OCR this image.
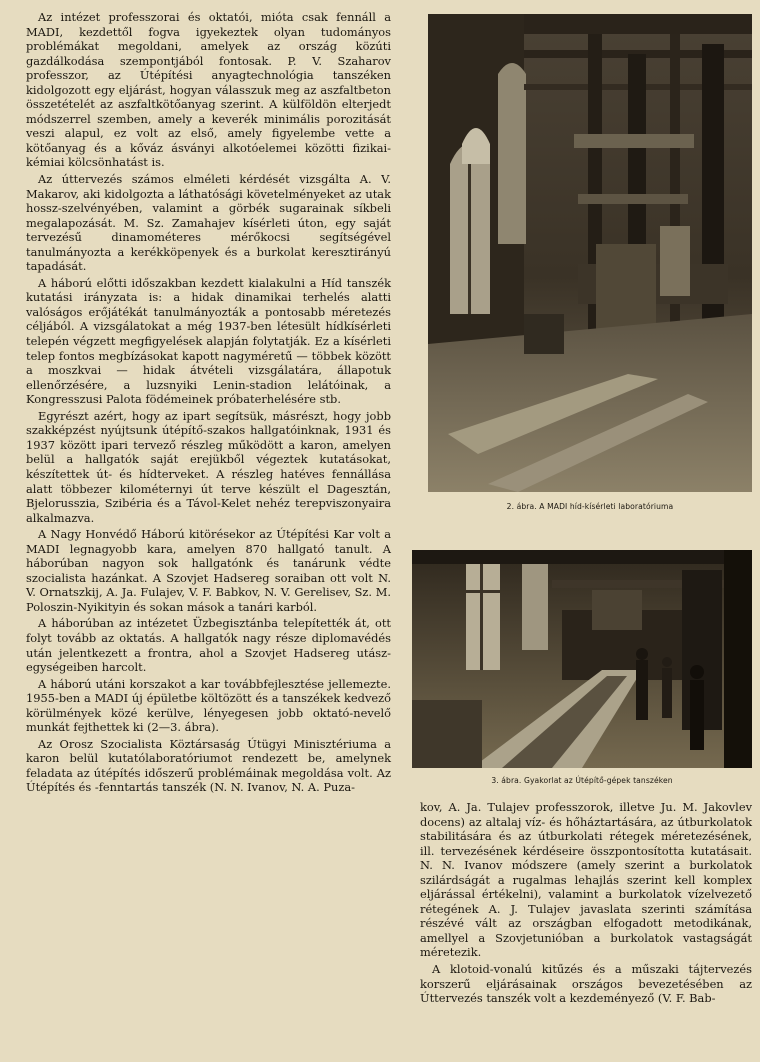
Az intézet professzorai és oktatói, mióta csak fennáll a MADI, kezdettől fogva igyekeztek olyan tudományos problémákat megoldani, amelyek az ország közúti gazdálkodása szempontjából fontosak. P. V. Szaharov professzor, az Útépítési anyagtechnológia tanszéken kidolgozott egy eljárást, hogyan válasszuk meg az aszfaltbeton összetételét az aszfaltkötőanyag szerint. A külföldön elterjedt módszerrel szemben, amely a keverék minimális porozitását veszi alapul, ez volt az első, amely figyelembe vette a kötőanyag és a kőváz ásványi alkotóelemei közötti fizikai-kémiai kölcsönhatást is.

Az úttervezés számos elméleti kérdését vizsgálta A. V. Makarov, aki kidolgozta a láthatósági követelményeket az utak hossz-szelvényében, valamint a görbék sugarainak síkbeli megalapozását. M. Sz. Zamahajev kísérleti úton, egy saját tervezésű dinamométeres mérőkocsi segítségével tanulmányozta a kerékköpenyek és a burkolat keresztirányú tapadását.

A háború előtti időszakban kezdett kialakulni a Híd tanszék kutatási irányzata is: a hidak dinamikai terhelés alatti valóságos erőjátékát tanulmányozták a pontosabb méretezés céljából. A vizsgálatokat a még 1937-ben létesült hídkísérleti telepén végzett megfigyelések alapján folytatják. Ez a kísérleti telep fontos megbízásokat kapott nagyméretű — többek között a moszkvai — hidak átvételi vizsgálatára, állapotuk ellenőrzésére, a luzsnyiki Lenin-stadion lelátóinak, a Kongresszusi Palota födémeinek próbaterhelésére stb.

Egyrészt azért, hogy az ipart segítsük, másrészt, hogy jobb szakképzést nyújtsunk útépítő-szakos hallgatóinknak, 1931 és 1937 között ipari tervező részleg működött a karon, amelyen belül a hallgatók saját erejükből végeztek kutatásokat, készítettek út- és hídterveket. A részleg hatéves fennállása alatt többezer kilométernyi út terve készült el Dagesztán, Bjelorusszia, Szibéria és a Távol-Kelet nehéz terepviszonyaira alkalmazva.

A Nagy Honvédő Háború kitörésekor az Útépítési Kar volt a MADI legnagyobb kara, amelyen 870 hallgató tanult. A háborúban nagyon sok hallgatónk és tanárunk védte szocialista hazánkat. A Szovjet Hadsereg soraiban ott volt N. V. Ornatszkij, A. Ja. Fulajev, V. F. Babkov, N. V. Gerelisev, Sz. M. Poloszin-Nyikityin és sokan mások a tanári karból.

A háborúban az intézetet Üzbegisztánba telepítették át, ott folyt tovább az oktatás. A hallgatók nagy része diplomavédés után jelentkezett a frontra, ahol a Szovjet Hadsereg utász-egységeiben harcolt.

A háború utáni korszakot a kar továbbfejlesztése jellemezte. 1955-ben a MADI új épületbe költözött és a tanszékek kedvező körülmények közé kerülve, lényegesen jobb oktató-nevelő munkát fejthettek ki (2—3. ábra).

Az Orosz Szocialista Köztársaság Útügyi Minisztériuma a karon belül kutatólaboratóriumot rendezett be, amelynek feladata az útépítés időszerű problémáinak megoldása volt. Az Útépítés és -fenntartás tanszék (N. N. Ivanov, N. A. Puza-

2. ábra. A MADI híd-kísérleti laboratóriuma
3. ábra. Gyakorlat az Útépítő-gépek tanszéken

kov, A. Ja. Tulajev professzorok, illetve Ju. M. Jakovlev docens) az altalaj víz- és hőháztartására, az útburkolatok stabilitására és az útburkolati rétegek méretezésének, ill. tervezésének kérdéseire összpontosította kutatásait. N. N. Ivanov módszere (amely szerint a burkolatok szilárdságát a rugalmas lehajlás szerint kell komplex eljárással értékelni), valamint a burkolatok vízelvezető rétegének A. J. Tulajev javaslata szerinti számítása részévé vált az országban elfogadott metodikának, amellyel a Szovjetunióban a burkolatok vastagságát méretezik.

A klotoid-vonalú kitűzés és a műszaki tájtervezés korszerű eljárásainak országos bevezetésében az Úttervezés tanszék volt a kezdeményező (V. F. Bab-
